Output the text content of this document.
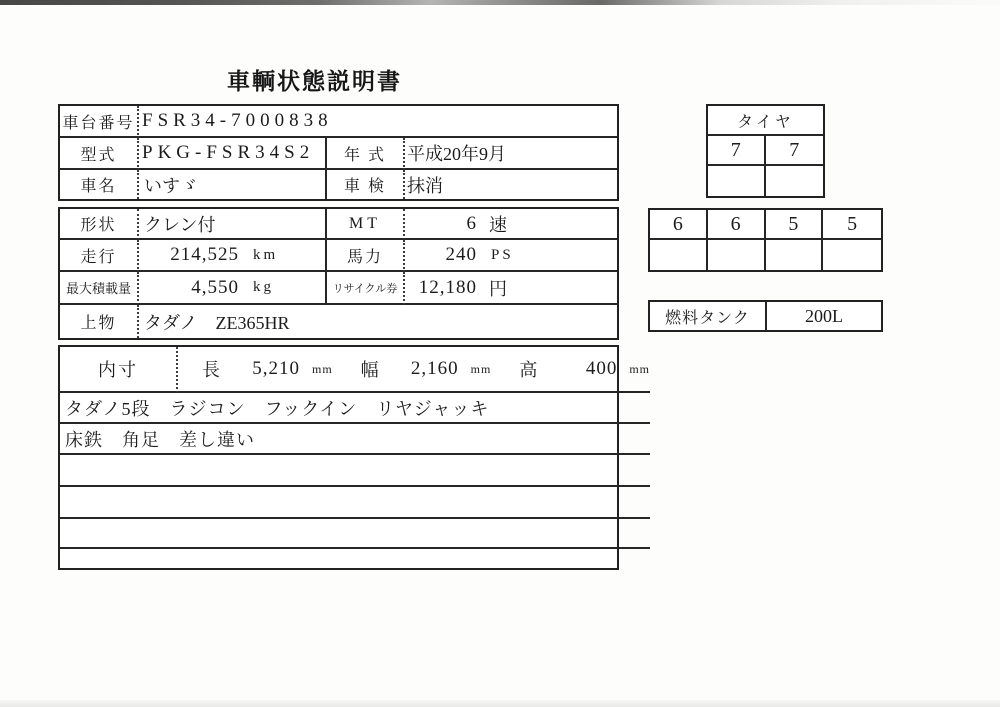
車輌状態説明書
車台番号 FSR34-7000838
型式	PKG-FSR34S2	年 式	平成20年9月
車名	いすゞ	車 検	抹消
形状	クレン付	MT	6 速
走行	214,525 km	馬力	240 PS
最大積載量	4,550 kg	リサイクル券	12,180 円
上物	タダノ　ZE365HR
内寸	長	5,210 mm 幅	2,160 mm 高	400 mm
タダノ5段　ラジコン　フックイン　リヤジャッキ
床鉄　角足　差し違い
タイヤ
7	7
6	6	5	5
燃料タンク	200L
